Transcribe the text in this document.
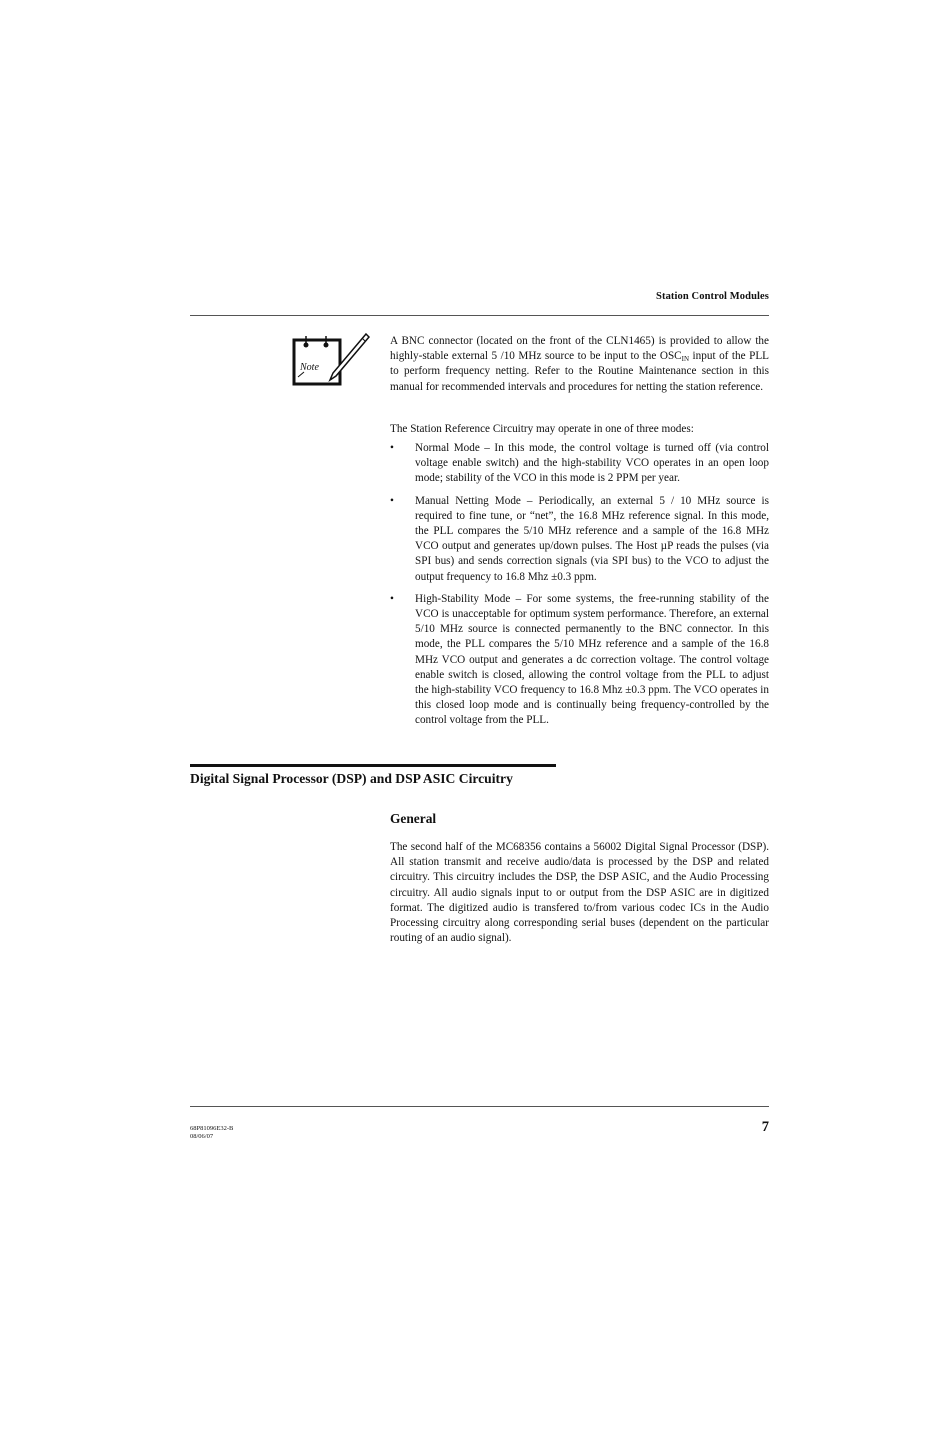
Station Control Modules
Note
A BNC connector (located on the front of the CLN1465) is provided to allow the highly-stable external 5 /10 MHz source to be input to the $OSC_{IN}$ input of the PLL to perform frequency netting. Refer to the Routine Maintenance section in this manual for recommended intervals and procedures for netting the station reference.
The Station Reference Circuitry may operate in one of three modes:
• Normal Mode – In this mode, the control voltage is turned off (via control voltage enable switch) and the high-stability VCO operates in an open loop mode; stability of the VCO in this mode is 2 PPM per year.
• Manual Netting Mode – Periodically, an external 5 / 10 MHz source is required to fine tune, or “net”, the 16.8 MHz reference signal. In this mode, the PLL compares the 5/10 MHz reference and a sample of the 16.8 MHz VCO output and generates up/down pulses. The Host µP reads the pulses (via SPI bus) and sends correction signals (via SPI bus) to the VCO to adjust the output frequency to 16.8 Mhz ±0.3 ppm.
• High-Stability Mode – For some systems, the free-running stability of the VCO is unacceptable for optimum system performance. Therefore, an external 5/10 MHz source is connected permanently to the BNC connector. In this mode, the PLL compares the 5/10 MHz reference and a sample of the 16.8 MHz VCO output and generates a dc correction voltage. The control voltage enable switch is closed, allowing the control voltage from the PLL to adjust the high-stability VCO frequency to 16.8 Mhz ±0.3 ppm. The VCO operates in this closed loop mode and is continually being frequency-controlled by the control voltage from the PLL.
Digital Signal Processor (DSP) and DSP ASIC Circuitry
General
The second half of the MC68356 contains a 56002 Digital Signal Processor (DSP). All station transmit and receive audio/data is processed by the DSP and related circuitry. This circuitry includes the DSP, the DSP ASIC, and the Audio Processing circuitry. All audio signals input to or output from the DSP ASIC are in digitized format. The digitized audio is transfered to/from various codec ICs in the Audio Processing circuitry along corresponding serial buses (dependent on the particular routing of an audio signal).
68P81096E32-B
08/06/07
7
